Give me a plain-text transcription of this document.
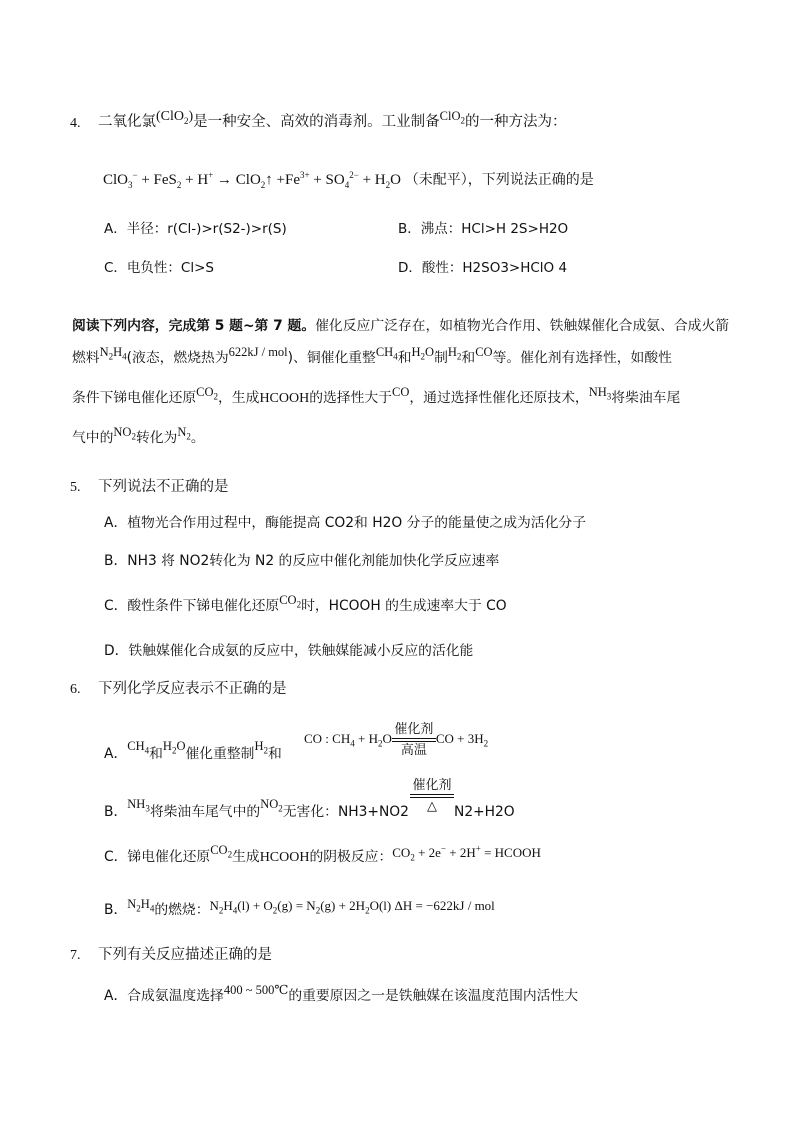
4. 二氧化氯(ClO$_2$)是一种安全、高效的消毒剂。工业制备ClO$_2$的一种方法为：
ClO$_3$− + FeS$_2$ + H+ → ClO$_2$↑ $+Fe^{3+} + SO_4^{2-} + H_2O$ （未配平），下列说法正确的是
A．半径：r(Cl-)>r(S2-)>r(S)	B．沸点：HCl>H 2S>H2O
C．电负性：Cl>S	D．酸性：H2SO3>HClO 4
阅读下列内容，完成第 5 题~第 7 题。催化反应广泛存在，如植物光合作用、铁触媒催化合成氨、合成火箭
燃料$N_2H_4$(液态，燃烧热为622kJ / mol)、铜催化重整$CH_4$和$H_2O$制$H_2$和CO等。催化剂有选择性，如酸性
条件下锑电催化还原$CO_2$，生成HCOOH的选择性大于CO，通过选择性催化还原技术，$NH_3$将柴油车尾
气中的$NO_2$转化为$N_2$。
5. 下列说法不正确的是
A．植物光合作用过程中，酶能提高 CO2和 H2O 分子的能量使之成为活化分子
B．NH3 将 NO2转化为 N2 的反应中催化剂能加快化学反应速率
C．酸性条件下锑电催化还原$CO_2$时，HCOOH 的生成速率大于 CO
D．铁触媒催化合成氨的反应中，铁触媒能减小反应的活化能
6. 下列化学反应表示不正确的是
A．$CH_4$和$H_2O$催化重整制$H_2$和
CO : $CH_4 + H_2O$
催化剂
高温
CO + $3H_2$
B．$NH_3$将柴油车尾气中的$NO_2$无害化：NH3+NO2
催化剂
△	N2+H2O
C．锑电催化还原$CO_2$生成HCOOH的阴极反应：$CO_2 + 2e^- + 2H^+$ = HCOOH
B．$N_2H_4$的燃烧：$N_2H_4(l) + O_2(g) = N_2(g) + 2H_2O(l) \Delta H = -622kJ$ / mol
7. 下列有关反应描述正确的是
A．合成氨温度选择400 ~ 500℃的重要原因之一是铁触媒在该温度范围内活性大
